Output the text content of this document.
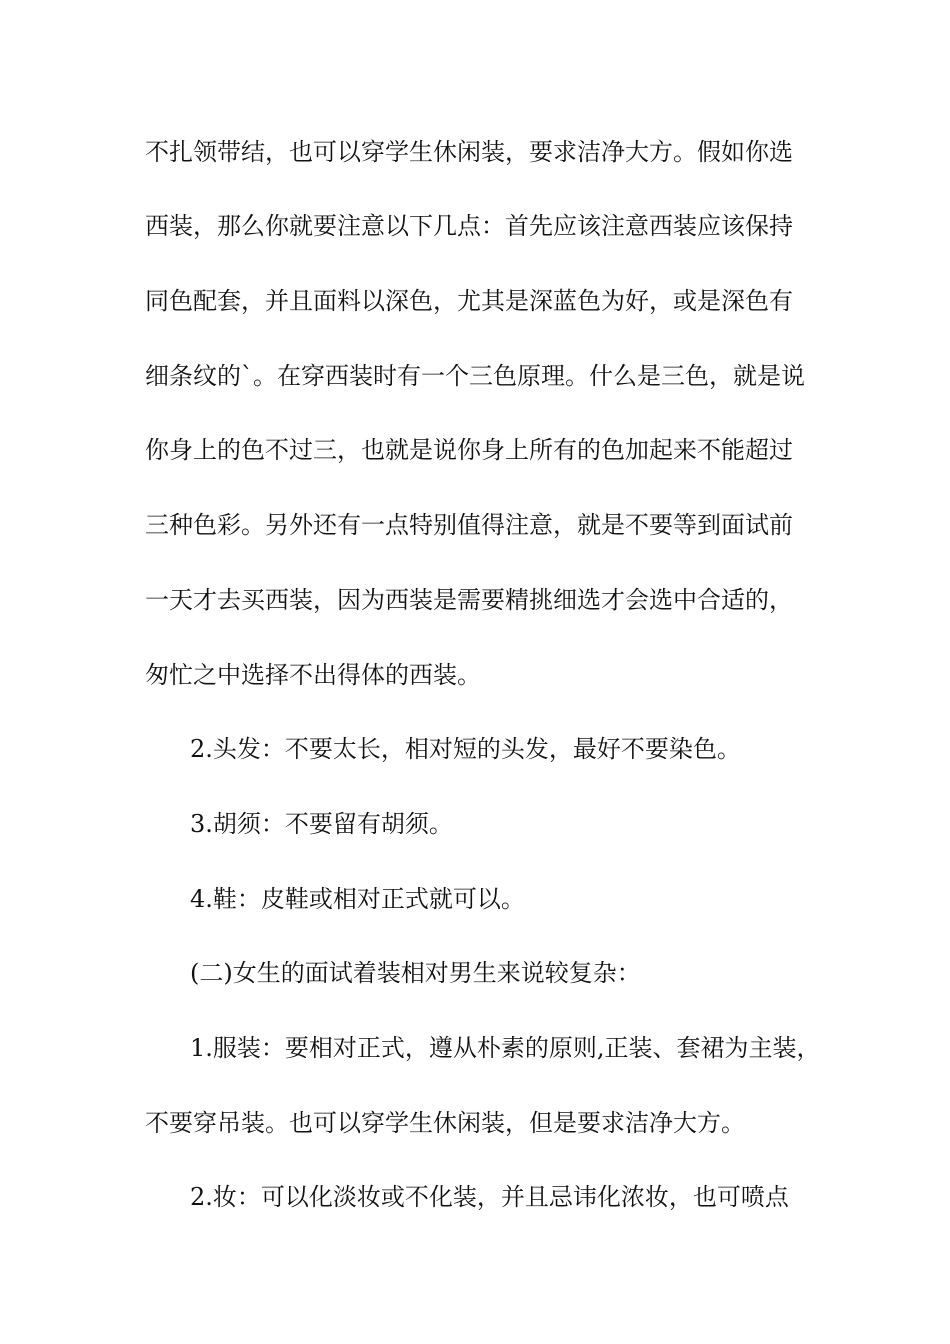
不扎领带结，也可以穿学生休闲装，要求洁净大方。假如你选
西装，那么你就要注意以下几点：首先应该注意西装应该保持
同色配套，并且面料以深色，尤其是深蓝色为好，或是深色有
细条纹的`。在穿西装时有一个三色原理。什么是三色，就是说
你身上的色不过三，也就是说你身上所有的色加起来不能超过
三种色彩。另外还有一点特别值得注意，就是不要等到面试前
一天才去买西装，因为西装是需要精挑细选才会选中合适的，
匆忙之中选择不出得体的西装。
2.头发：不要太长，相对短的头发，最好不要染色。
3.胡须：不要留有胡须。
4.鞋：皮鞋或相对正式就可以。
(二)女生的面试着装相对男生来说较复杂：
1.服装：要相对正式，遵从朴素的原则,正装、套裙为主装，
不要穿吊装。也可以穿学生休闲装，但是要求洁净大方。
2.妆：可以化淡妆或不化装，并且忌讳化浓妆，也可喷点
